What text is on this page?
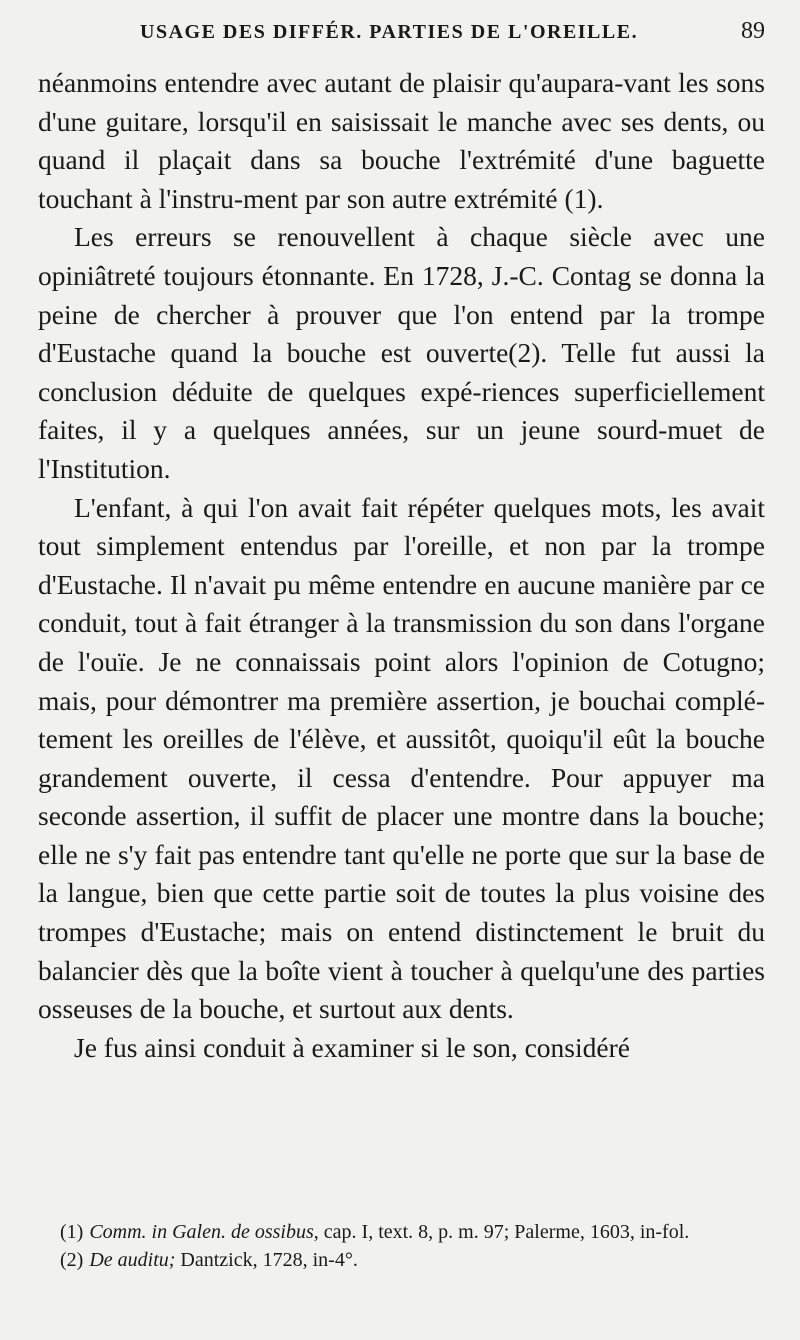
USAGE DES DIFFÉR. PARTIES DE L'OREILLE.	89

néanmoins entendre avec autant de plaisir qu'aupara-vant les sons d'une guitare, lorsqu'il en saisissait le manche avec ses dents, ou quand il plaçait dans sa bouche l'extrémité d'une baguette touchant à l'instru-ment par son autre extrémité (1).

Les erreurs se renouvellent à chaque siècle avec une opiniâtreté toujours étonnante. En 1728, J.-C. Contag se donna la peine de chercher à prouver que l'on entend par la trompe d'Eustache quand la bouche est ouverte(2). Telle fut aussi la conclusion déduite de quelques expé-riences superficiellement faites, il y a quelques années, sur un jeune sourd-muet de l'Institution.

L'enfant, à qui l'on avait fait répéter quelques mots, les avait tout simplement entendus par l'oreille, et non par la trompe d'Eustache. Il n'avait pu même entendre en aucune manière par ce conduit, tout à fait étranger à la transmission du son dans l'organe de l'ouïe. Je ne connaissais point alors l'opinion de Cotugno; mais, pour démontrer ma première assertion, je bouchai complé-tement les oreilles de l'élève, et aussitôt, quoiqu'il eût la bouche grandement ouverte, il cessa d'entendre. Pour appuyer ma seconde assertion, il suffit de placer une montre dans la bouche; elle ne s'y fait pas entendre tant qu'elle ne porte que sur la base de la langue, bien que cette partie soit de toutes la plus voisine des trompes d'Eustache; mais on entend distinctement le bruit du balancier dès que la boîte vient à toucher à quelqu'une des parties osseuses de la bouche, et surtout aux dents.

Je fus ainsi conduit à examiner si le son, considéré

(1) Comm. in Galen. de ossibus, cap. I, text. 8, p. m. 97; Palerme, 1603, in-fol.

(2) De auditu; Dantzick, 1728, in-4°.
